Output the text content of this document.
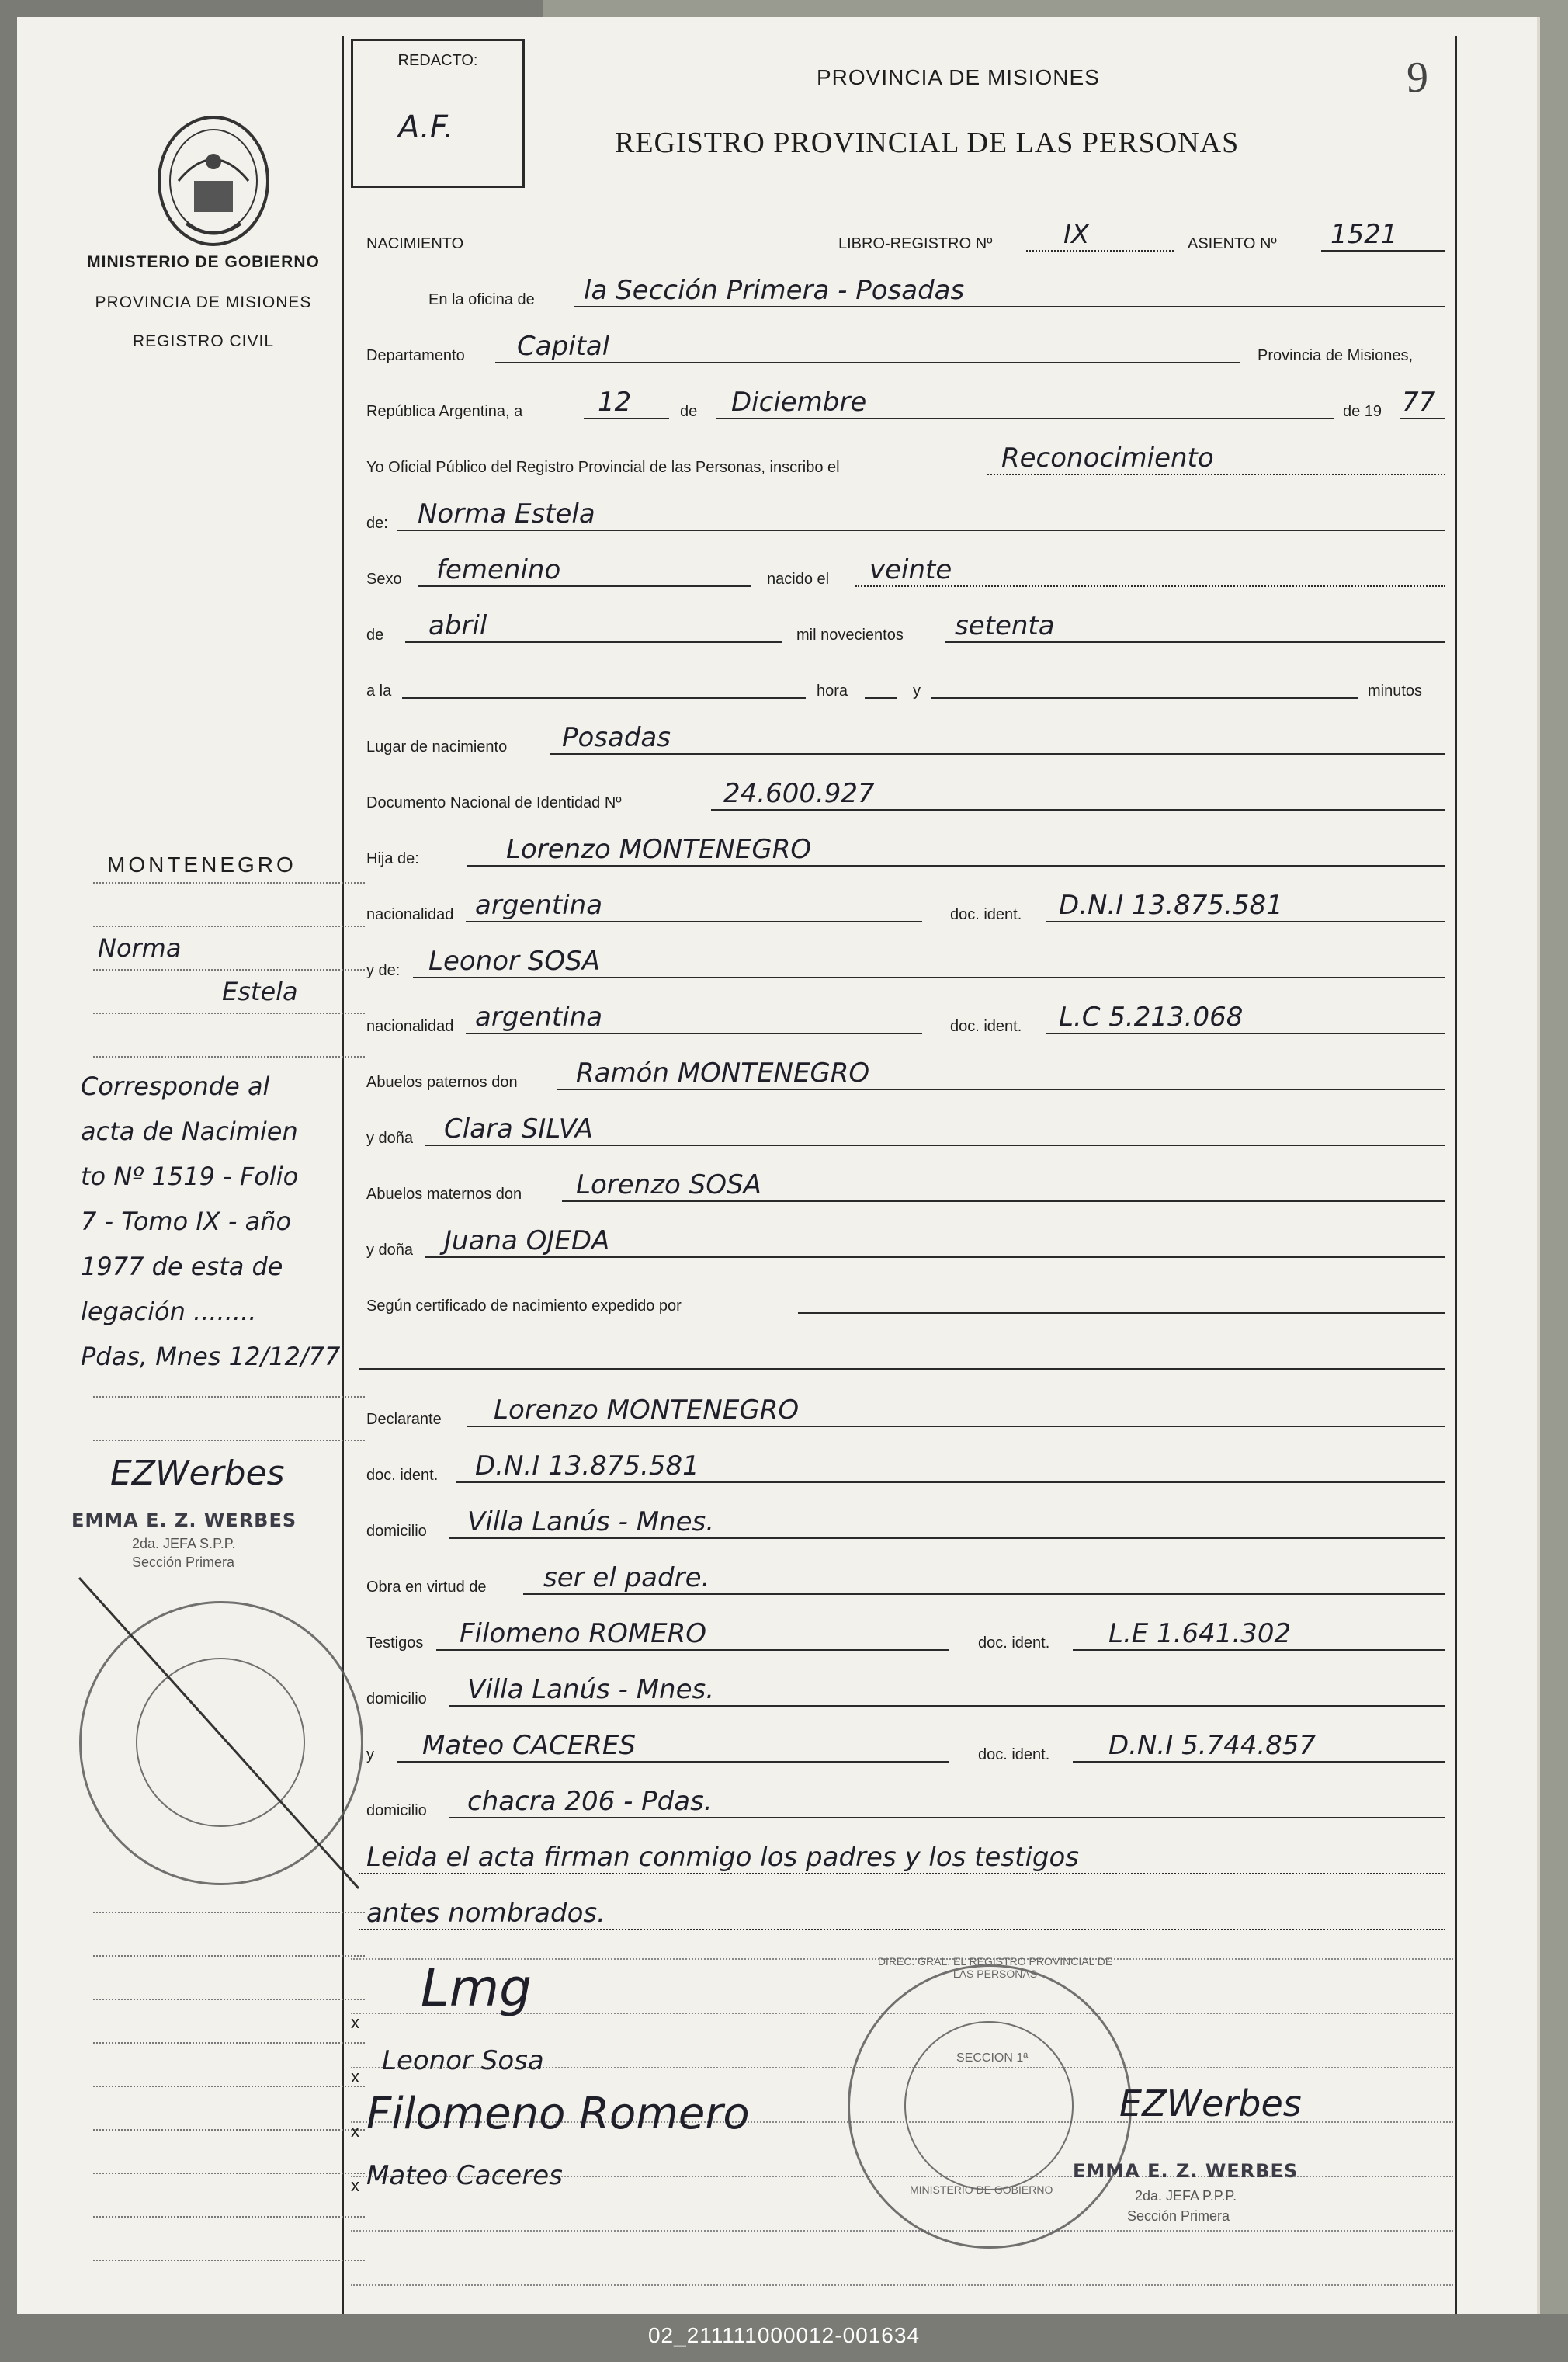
MINISTERIO DE GOBIERNO
PROVINCIA DE MISIONES
REGISTRO CIVIL
MONTENEGRO
Norma
Estela
Corresponde al
acta de Nacimien
to Nº 1519 - Folio
7 - Tomo IX - año
1977 de esta de
legación ........
Pdas, Mnes 12/12/77
EZWerbes
EMMA E. Z. WERBES
2da. JEFA S.P.P.
Sección Primera
REDACTO:
A.F.
PROVINCIA DE MISIONES
REGISTRO PROVINCIAL DE LAS PERSONAS
9
NACIMIENTO	LIBRO-REGISTRO Nº	IX	ASIENTO Nº 1521
En la oficina de la Sección Primera - Posadas
Departamento Capital	Provincia de Misiones,
República Argentina, a	12	de Diciembre	de 19 77
Yo Oficial Público del Registro Provincial de las Personas, inscribo el	Reconocimiento
de: Norma Estela
Sexo femenino	nacido el veinte
de abril	mil novecientos setenta
a la	hora	y	minutos
Lugar de nacimiento Posadas
Documento Nacional de Identidad Nº	24.600.927
Hija de:	Lorenzo MONTENEGRO
nacionalidad argentina	doc. ident. D.N.I 13.875.581
y de: Leonor SOSA
nacionalidad argentina	doc. ident. L.C 5.213.068
Abuelos paternos don Ramón MONTENEGRO
y doña Clara SILVA
Abuelos maternos don Lorenzo SOSA
y doña Juana OJEDA
Según certificado de nacimiento expedido por
Declarante Lorenzo MONTENEGRO
doc. ident. D.N.I 13.875.581
domicilio Villa Lanús - Mnes.
Obra en virtud de ser el padre.
Testigos Filomeno ROMERO	doc. ident. L.E 1.641.302
domicilio Villa Lanús - Mnes.
y Mateo CACERES	doc. ident. D.N.I 5.744.857
domicilio chacra 206 - Pdas.
Leida el acta firman conmigo los padres y los testigos
antes nombrados.
x
x
x
x
Lmg
Leonor Sosa
Filomeno Romero
Mateo Caceres
DIREC. GRAL. EL REGISTRO PROVINCIAL DE LAS PERSONAS
SECCION 1ª
MINISTERIO DE GOBIERNO
EZWerbes
EMMA E. Z. WERBES
2da. JEFA P.P.P.
Sección Primera
02_211111000012-001634
